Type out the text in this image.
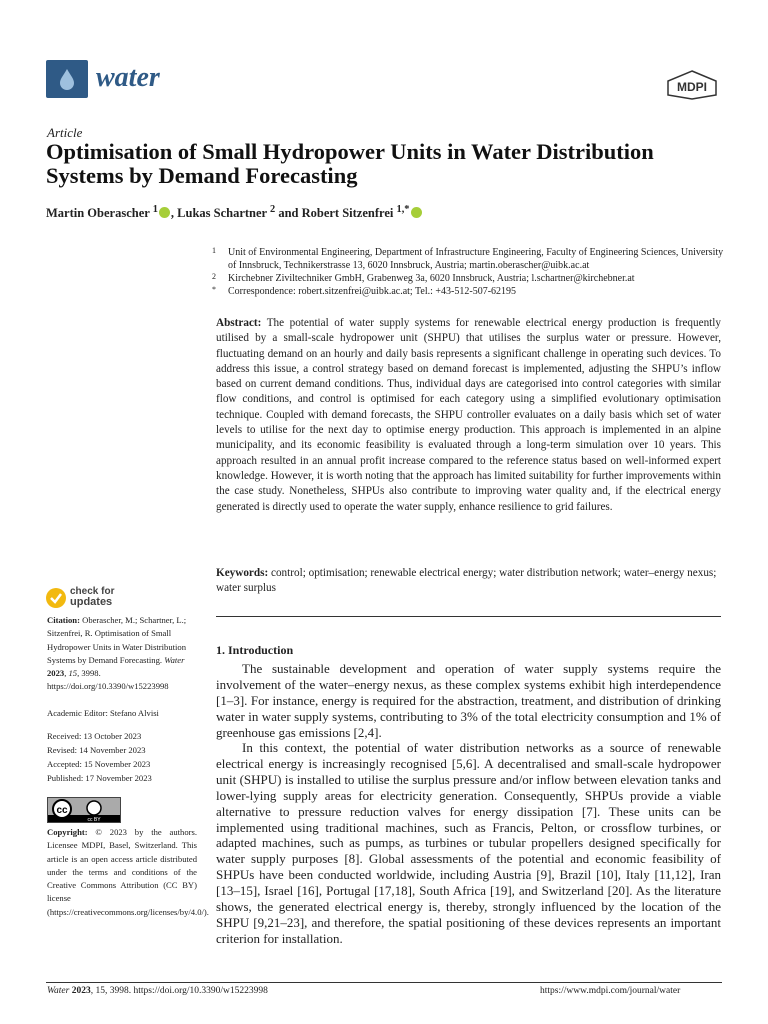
water	MDPI
Article
Optimisation of Small Hydropower Units in Water Distribution Systems by Demand Forecasting
Martin Oberascher $^1$ , Lukas Schartner $^2$ and Robert Sitzenfrei $^{1,*}$
1	Unit of Environmental Engineering, Department of Infrastructure Engineering, Faculty of Engineering Sciences, University of Innsbruck, Technikerstrasse 13, 6020 Innsbruck, Austria; martin.oberascher@uibk.ac.at
2	Kirchebner Ziviltechniker GmbH, Grabenweg 3a, 6020 Innsbruck, Austria; l.schartner@kirchebner.at
*	Correspondence: robert.sitzenfrei@uibk.ac.at; Tel.: +43-512-507-62195
Abstract: The potential of water supply systems for renewable electrical energy production is frequently utilised by a small-scale hydropower unit (SHPU) that utilises the surplus water or pressure. However, fluctuating demand on an hourly and daily basis represents a significant challenge in operating such devices. To address this issue, a control strategy based on demand forecast is implemented, adjusting the SHPU’s inflow based on current demand conditions. Thus, individual days are categorised into control categories with similar flow conditions, and control is optimised for each category using a simplified evolutionary optimisation technique. Coupled with demand forecasts, the SHPU controller evaluates on a daily basis which set of water levels to utilise for the next day to optimise energy production. This approach is implemented in an alpine municipality, and its economic feasibility is evaluated through a long-term simulation over 10 years. This approach resulted in an annual profit increase compared to the reference status based on well-informed expert knowledge. However, it is worth noting that the approach has limited suitability for further improvements within the case study. Nonetheless, SHPUs also contribute to improving water quality and, if the electrical energy generated is directly used to operate the water supply, enhance resilience to grid failures.
Keywords: control; optimisation; renewable electrical energy; water distribution network; water–energy nexus; water surplus
check for
updates
Citation: Oberascher, M.; Schartner, L.; Sitzenfrei, R. Optimisation of Small Hydropower Units in Water Distribution Systems by Demand Forecasting. Water 2023, 15, 3998. https://doi.org/10.3390/w15223998
Academic Editor: Stefano Alvisi
Received: 13 October 2023
Revised: 14 November 2023
Accepted: 15 November 2023
Published: 17 November 2023
cc
cc BY
Copyright: © 2023 by the authors. Licensee MDPI, Basel, Switzerland. This article is an open access article distributed under the terms and conditions of the Creative Commons Attribution (CC BY) license (https://creativecommons.org/licenses/by/4.0/).
1. Introduction
The sustainable development and operation of water supply systems require the involvement of the water–energy nexus, as these complex systems exhibit high interdependence [1–3]. For instance, energy is required for the abstraction, treatment, and distribution of drinking water in water supply systems, contributing to 3% of the total electricity consumption and 1% of greenhouse gas emissions [2,4].
In this context, the potential of water distribution networks as a source of renewable electrical energy is increasingly recognised [5,6]. A decentralised and small-scale hydropower unit (SHPU) is installed to utilise the surplus pressure and/or inflow between elevation tanks and lower-lying supply areas for electricity generation. Consequently, SHPUs provide a viable alternative to pressure reduction valves for energy dissipation [7]. These units can be implemented using traditional machines, such as Francis, Pelton, or crossflow turbines, or adapted machines, such as pumps, as turbines or tubular propellers designed specifically for water supply purposes [8]. Global assessments of the potential and economic feasibility of SHPUs have been conducted worldwide, including Austria [9], Brazil [10], Italy [11,12], Iran [13–15], Israel [16], Portugal [17,18], South Africa [19], and Switzerland [20]. As the literature shows, the generated electrical energy is, thereby, strongly influenced by the location of the SHPU [9,21–23], and therefore, the spatial positioning of these devices represents an important criterion for installation.
Water 2023, 15, 3998. https://doi.org/10.3390/w15223998	https://www.mdpi.com/journal/water
